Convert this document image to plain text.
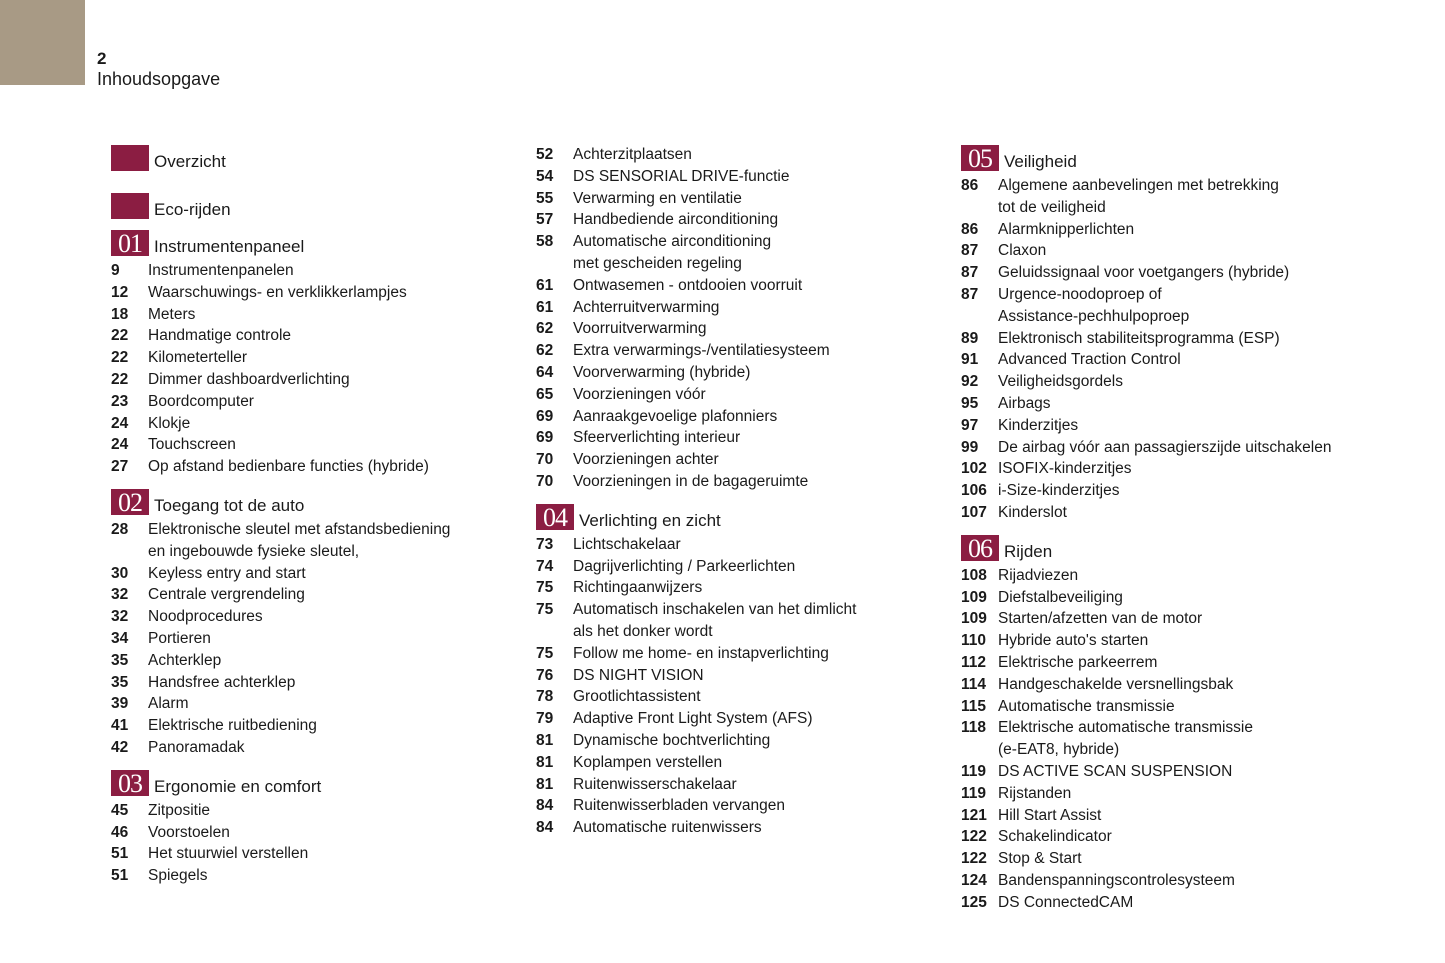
2
Inhoudsopgave
Overzicht
Eco-rijden
01 Instrumentenpaneel
9	Instrumentenpanelen
12	Waarschuwings- en verklikkerlampjes
18	Meters
22	Handmatige controle
22	Kilometerteller
22	Dimmer dashboardverlichting
23	Boordcomputer
24	Klokje
24	Touchscreen
27	Op afstand bedienbare functies (hybride)
02 Toegang tot de auto
28	Elektronische sleutel met afstandsbediening
en ingebouwde fysieke sleutel,
30	Keyless entry and start
32	Centrale vergrendeling
32	Noodprocedures
34	Portieren
35	Achterklep
35	Handsfree achterklep
39	Alarm
41	Elektrische ruitbediening
42	Panoramadak
03 Ergonomie en comfort
45	Zitpositie
46	Voorstoelen
51	Het stuurwiel verstellen
51	Spiegels
52	Achterzitplaatsen
54	DS SENSORIAL DRIVE-functie
55	Verwarming en ventilatie
57	Handbediende airconditioning
58	Automatische airconditioning
met gescheiden regeling
61	Ontwasemen - ontdooien voorruit
61	Achterruitverwarming
62	Voorruitverwarming
62	Extra verwarmings-/ventilatiesysteem
64	Voorverwarming (hybride)
65	Voorzieningen vóór
69	Aanraakgevoelige plafonniers
69	Sfeerverlichting interieur
70	Voorzieningen achter
70	Voorzieningen in de bagageruimte
04 Verlichting en zicht
73	Lichtschakelaar
74	Dagrijverlichting / Parkeerlichten
75	Richtingaanwijzers
75	Automatisch inschakelen van het dimlicht
als het donker wordt
75	Follow me home- en instapverlichting
76	DS NIGHT VISION
78	Grootlichtassistent
79	Adaptive Front Light System (AFS)
81	Dynamische bochtverlichting
81	Koplampen verstellen
81	Ruitenwisserschakelaar
84	Ruitenwisserbladen vervangen
84	Automatische ruitenwissers
05 Veiligheid
86	Algemene aanbevelingen met betrekking
tot de veiligheid
86	Alarmknipperlichten
87	Claxon
87	Geluidssignaal voor voetgangers (hybride)
87	Urgence-noodoproep of
Assistance-pechhulpoproep
89	Elektronisch stabiliteitsprogramma (ESP)
91	Advanced Traction Control
92	Veiligheidsgordels
95	Airbags
97	Kinderzitjes
99	De airbag vóór aan passagierszijde uitschakelen
102 ISOFIX-kinderzitjes
106 i-Size-kinderzitjes
107 Kinderslot
06 Rijden
108 Rijadviezen
109 Diefstalbeveiliging
109 Starten/afzetten van de motor
110 Hybride auto's starten
112 Elektrische parkeerrem
114 Handgeschakelde versnellingsbak
115 Automatische transmissie
118 Elektrische automatische transmissie
(e-EAT8, hybride)
119 DS ACTIVE SCAN SUSPENSION
119 Rijstanden
121 Hill Start Assist
122 Schakelindicator
122 Stop & Start
124 Bandenspanningscontrolesysteem
125 DS ConnectedCAM
